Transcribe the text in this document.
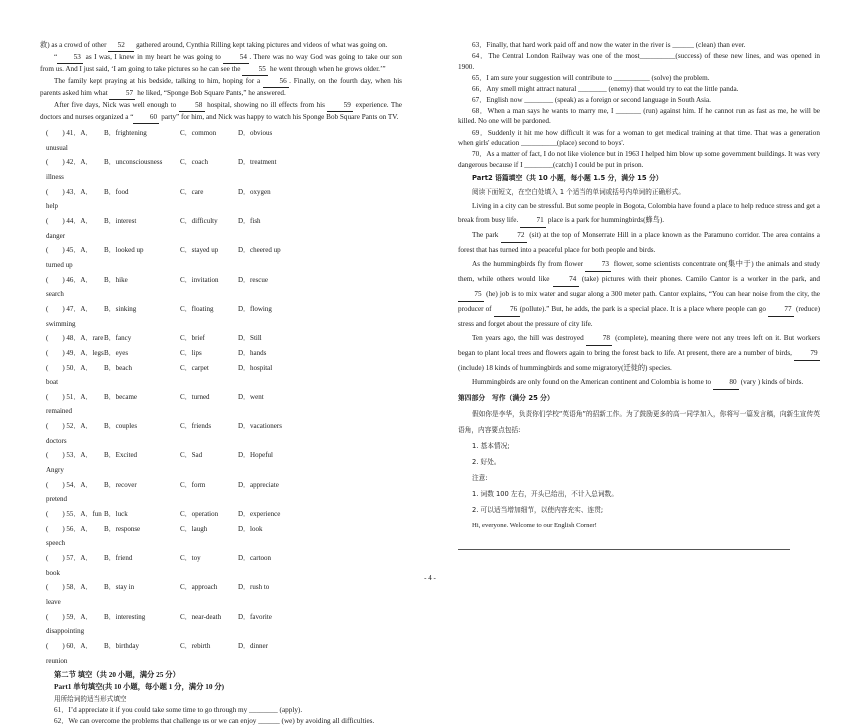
救) as a crowd of other 52 gathered around, Cynthia Rilling kept taking pictures and videos of what was going on.

“ 53 as I was, I knew in my heart he was going to 54 . There was no way God was going to take our son from us. And I just said, ‘I am going to take pictures so he can see the 55 he went through when he grows older.’”

The family kept praying at his bedside, talking to him, hoping for a 56 . Finally, on the fourth day, when his parents asked him what 57 he liked, “Sponge Bob Square Pants,” he answered.

After five days, Nick was well enough to 58 hospital, showing no ill effects from his 59 experience. The doctors and nurses organized a “ 60 party” for him, and Nick was happy to watch his Sponge Bob Square Pants on TV.

(　　) 41．A．unusual
B．frightening	C．common	D．obvious
(　　) 42．A．illness
B．unconsciousness	C．coach	D．treatment
(　　) 43．A．help
B．food	C．care	D．oxygen
(　　) 44．A．danger
B．interest	C．difficulty	D．fish
(　　) 45．A．turned up
B．looked up	C．stayed up	D．cheered up
(　　) 46．A．search
B．hike	C．invitation	D．rescue
(　　) 47．A．swimming
B．sinking	C．floating	D．flowing
(　　) 48．A．rare B．fancy	C．brief	D．Still
(　　) 49．A．legs B．eyes	C．lips	D．hands
(　　) 50．A．boat
B．beach	C．carpet	D．hospital
(　　) 51．A．remained
B．became	C．turned	D．went
(　　) 52．A．doctors
B．couples	C．friends	D．vacationers
(　　) 53．A．Angry
B．Excited	C．Sad	D．Hopeful
(　　) 54．A．pretend
B．recover	C．form	D．appreciate
(　　) 55．A．fun B．luck	C．operation	D．experience
(　　) 56．A．speech
B．response	C．laugh	D．look
(　　) 57．A．book
B．friend	C．toy	D．cartoon
(　　) 58．A．leave
B．stay in	C．approach	D．rush to
(　　) 59．A．disappointing
B．interesting	C．near-death	D．favorite
(　　) 60．A．reunion
B．birthday	C．rebirth	D．dinner
第二节 填空（共 20 小题，满分 25 分）
Part1 单句填空(共 10 小题，每小题 1 分，满分 10 分)
用所给词的适当形式填空

61．I’d appreciate it if you could take some time to go through my ________ (apply).

62．We can overcome the problems that challenge us or we can enjoy ______ (we) by avoiding all difficulties.

63．Finally, that hard work paid off and now the water in the river is ______ (clean) than ever.

64．The Central London Railway was one of the most__________(success) of these new lines, and was opened in 1900.

65．I am sure your suggestion will contribute to __________ (solve) the problem.

66．Any smell might attract natural ________ (enemy) that would try to eat the little panda.

67．English now ________ (speak) as a foreign or second language in South Asia.

68．When a man says he wants to marry me, I _______ (run) against him. If he cannot run as fast as me, he will be killed. No one will be pardoned.

69．Suddenly it hit me how difficult it was for a woman to get medical training at that time. That was a generation when girls' education __________(place) second to boys'.

70．As a matter of fact, I do not like violence but in 1963 I helped him blow up some government buildings. It was very dangerous because if I ________(catch) I could be put in prison.

Part2 语篇填空（共 10 小题，每小题 1.5 分，满分 15 分）
阅读下面短文，在空白处填入 1 个适当的单词或括号内单词的正确形式。

Living in a city can be stressful. But some people in Bogota, Colombia have found a place to help reduce stress and get a break from busy life. 71 place is a park for hummingbirds(蜂鸟).

The park 72 (sit) at the top of Monserrate Hill in a place known as the Paramuno corridor. The area contains a forest that has turned into a peaceful place for both people and birds.

As the hummingbirds fly from flower 73 flower, some scientists concentrate on(集中于) the animals and study them, while others would like 74 (take) pictures with their phones. Camilo Cantor is a worker in the park, and 75 (he) job is to mix water and sugar along a 300 meter path. Cantor explains, “You can hear noise from the city, the producer of 76 (pollute).” But, he adds, the park is a special place. It is a place where people can go 77 (reduce) stress and forget about the pressure of city life.

Ten years ago, the hill was destroyed 78 (complete), meaning there were not any trees left on it. But workers began to plant local trees and flowers again to bring the forest back to life. At present, there are a number of birds, 79 (include) 18 kinds of hummingbirds and some migratory(迁徙的) species.

Hummingbirds are only found on the American continent and Colombia is home to 80 (vary ) kinds of birds.

第四部分　写作（满分 25 分）
假如你是李华，负责你们学校“英语角”的招新工作。为了鼓励更多的高一同学加入，你将写一篇发言稿，向新生宣传英语角，内容要点包括:
1. 基本情况;
2. 好处。
注意:
1. 词数 100 左右，开头已给出，不计入总词数。
2. 可以适当增加细节，以使内容充实、连贯;
Hi, everyone. Welcome to our English Corner!
- 4 -
